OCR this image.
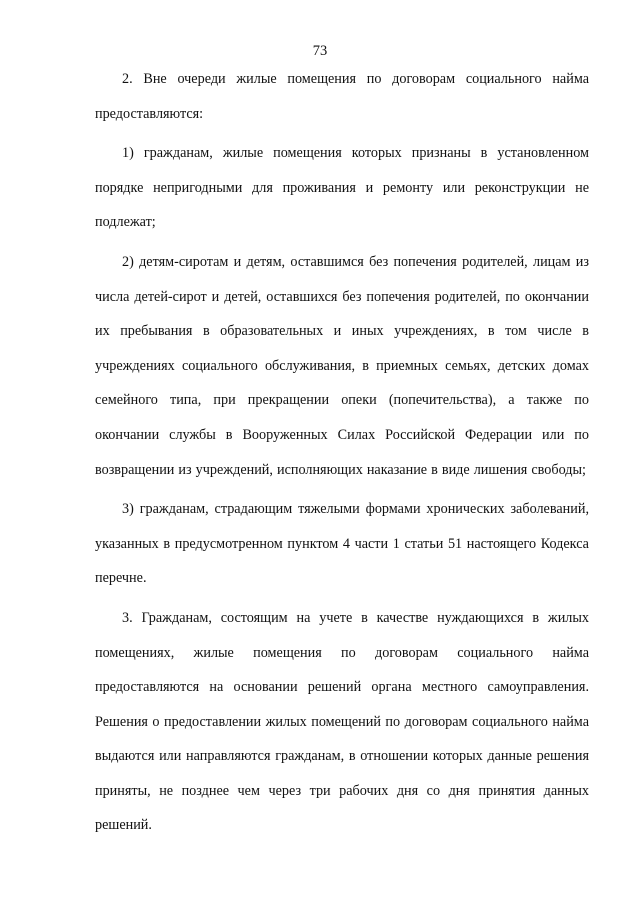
73

2. Вне очереди жилые помещения по договорам социального найма предоставляются:

1) гражданам, жилые помещения которых признаны в установленном порядке непригодными для проживания и ремонту или реконструкции не подлежат;

2) детям-сиротам и детям, оставшимся без попечения родителей, лицам из числа детей-сирот и детей, оставшихся без попечения родителей, по окончании их пребывания в образовательных и иных учреждениях, в том числе в учреждениях социального обслуживания, в приемных семьях, детских домах семейного типа, при прекращении опеки (попечительства), а также по окончании службы в Вооруженных Силах Российской Федерации или по возвращении из учреждений, исполняющих наказание в виде лишения свободы;

3) гражданам, страдающим тяжелыми формами хронических заболеваний, указанных в предусмотренном пунктом 4 части 1 статьи 51 настоящего Кодекса перечне.

3. Гражданам, состоящим на учете в качестве нуждающихся в жилых помещениях, жилые помещения по договорам социального найма предоставляются на основании решений органа местного самоуправления. Решения о предоставлении жилых помещений по договорам социального найма выдаются или направляются гражданам, в отношении которых данные решения приняты, не позднее чем через три рабочих дня со дня принятия данных решений.
